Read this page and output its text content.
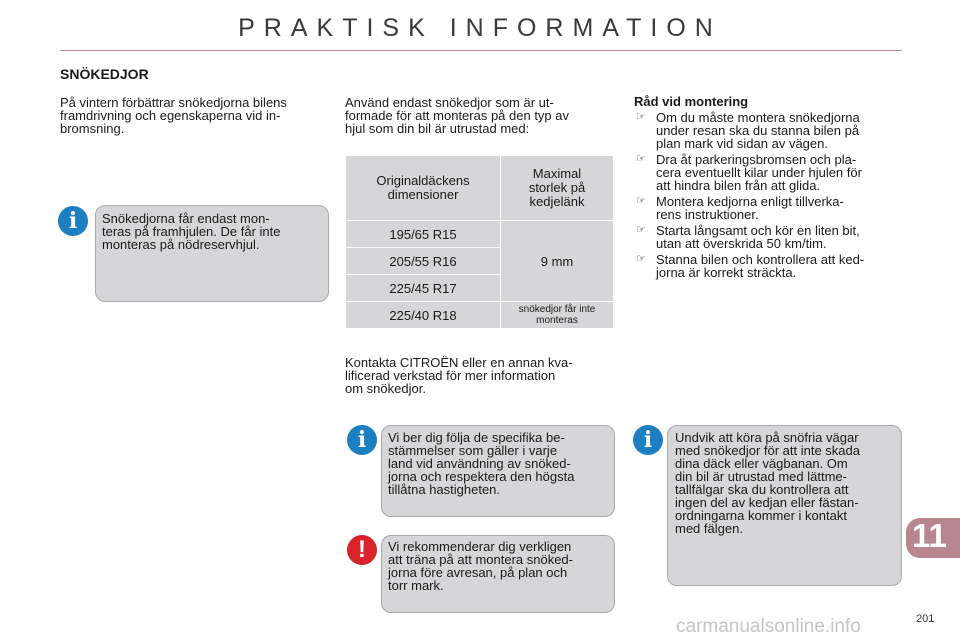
PRAKTISK INFORMATION
SNÖKEDJOR

På vintern förbättrar snökedjorna bilens
framdrivning och egenskaperna vid in-
bromsning.

i	Snökedjorna får endast mon-
teras på framhjulen. De får inte
monteras på nödreservhjul.

Använd endast snökedjor som är ut-
formade för att monteras på den typ av
hjul som din bil är utrustad med:

Originaldäckens dimensioner	Maximal storlek på kedjelänk
195/65 R15	9 mm
205/55 R16	
225/45 R17	
225/40 R18	snökedjor får inte monteras

Kontakta CITROËN eller en annan kva-
lificerad verkstad för mer information
om snökedjor.

Råd vid montering
☞ Om du måste montera snökedjorna
under resan ska du stanna bilen på
plan mark vid sidan av vägen.
☞ Dra åt parkeringsbromsen och pla-
cera eventuellt kilar under hjulen för
att hindra bilen från att glida.
☞ Montera kedjorna enligt tillverka-
rens instruktioner.
☞ Starta långsamt och kör en liten bit,
utan att överskrida 50 km/tim.
☞ Stanna bilen och kontrollera att ked-
jorna är korrekt sträckta.
i	Vi ber dig följa de specifika be-
stämmelser som gäller i varje
land vid användning av snöked-
jorna och respektera den högsta
tillåtna hastigheten.
!	Vi rekommenderar dig verkligen
att träna på att montera snöked-
jorna före avresan, på plan och
torr mark.
i	Undvik att köra på snöfria vägar
med snökedjor för att inte skada
dina däck eller vägbanan. Om
din bil är utrustad med lättme-
tallfälgar ska du kontrollera att
ingen del av kedjan eller fästan-
ordningarna kommer i kontakt
med fälgen.	11
carmanualsonline.info	201
